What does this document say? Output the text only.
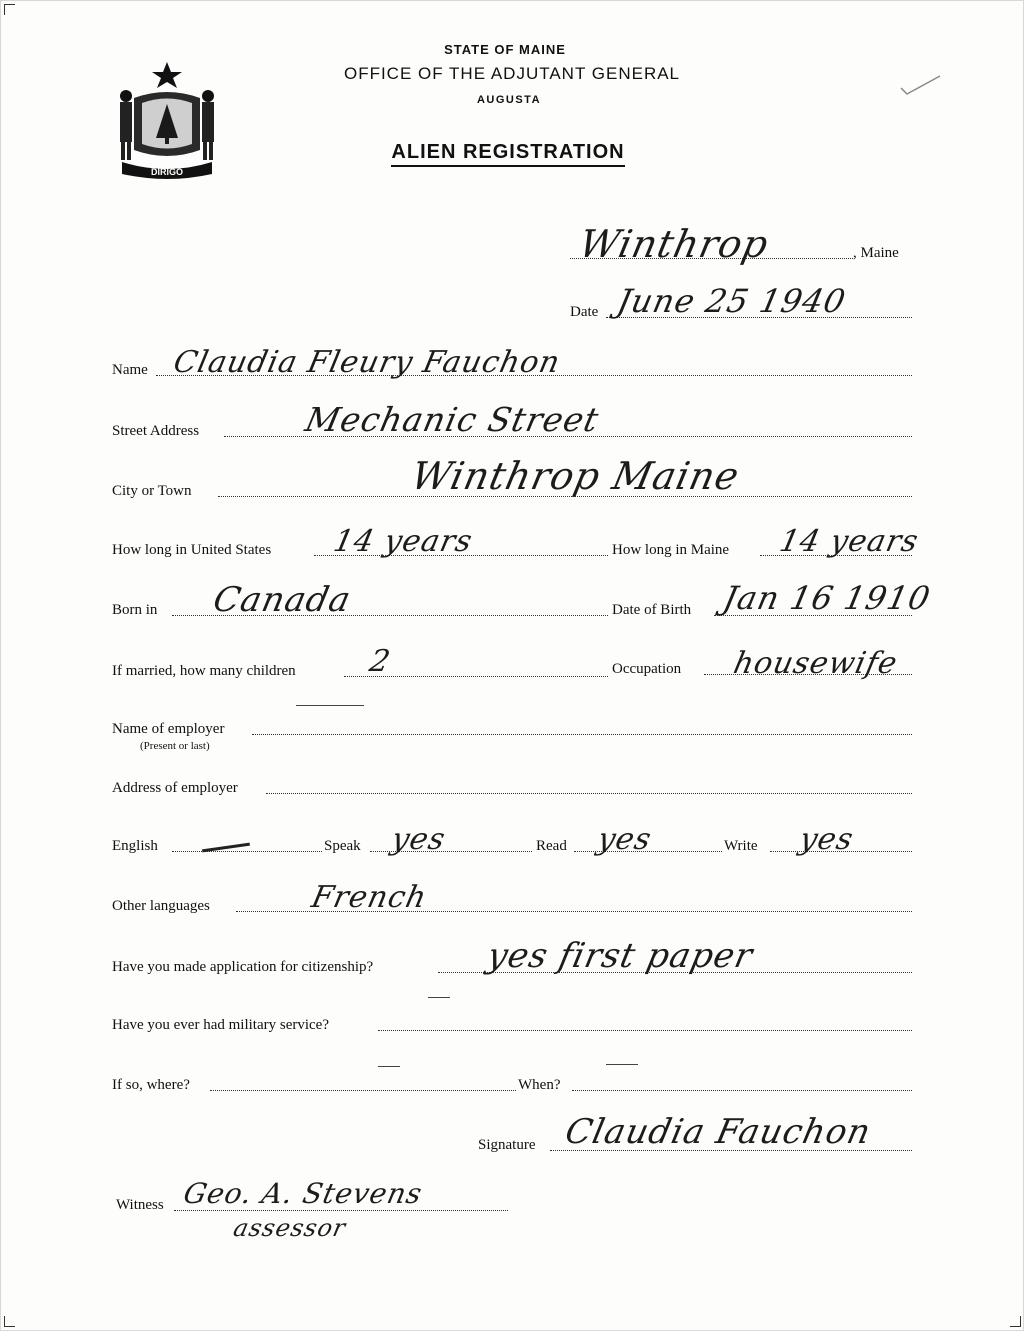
DIRIGO
STATE OF MAINE
OFFICE OF THE ADJUTANT GENERAL
AUGUSTA
ALIEN REGISTRATION
Winthrop	, Maine
Date June 25 1940
Name Claudia Fleury Fauchon
Street Address	Mechanic Street
City or Town	Winthrop Maine
How long in United States 14 years	How long in Maine 14 years
Born in Canada	Date of Birth Jan 16 1910
If married, how many children 2	Occupation housewife
Name of employer
(Present or last)
Address of employer
English	Speak yes	Read yes	Write yes
Other languages	French
Have you made application for citizenship?	yes first paper
Have you ever had military service?
If so, where?	When?
Signature Claudia Fauchon
Witness Geo. A. Stevens
assessor
